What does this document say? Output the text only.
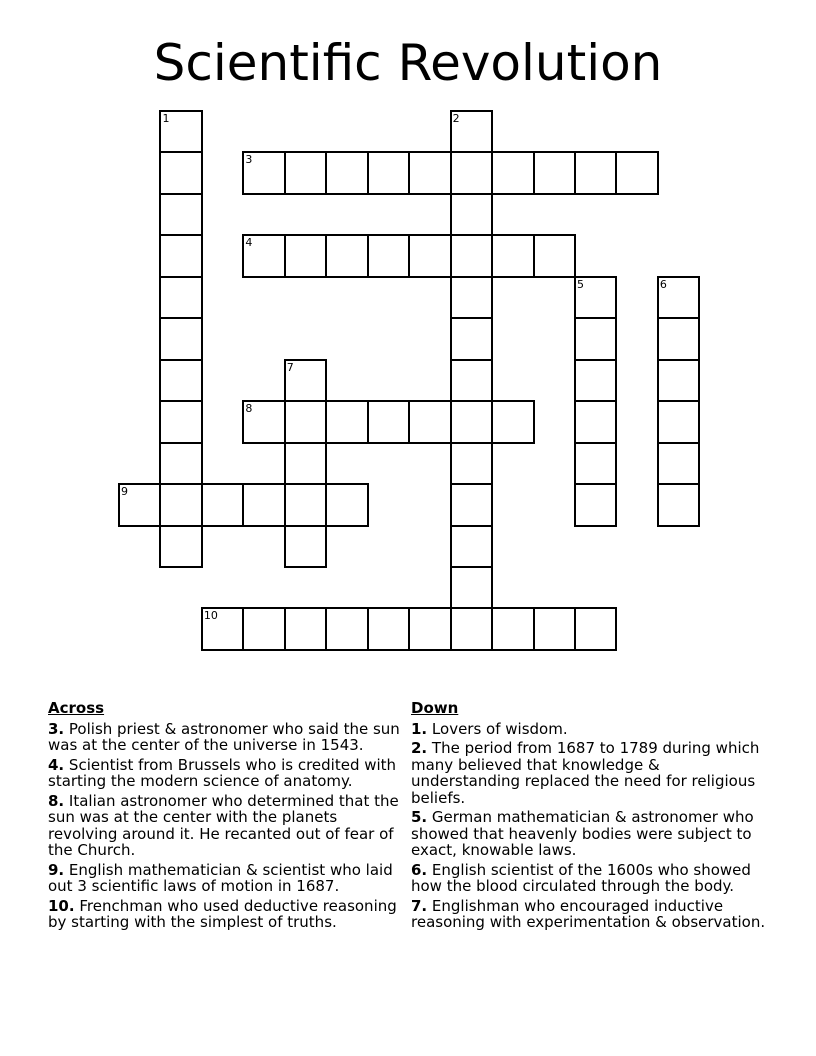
Scientific Revolution
1	2
3
4
5	6
7
8
9
10
Across
3. Polish priest & astronomer who said the sun was at the center of the universe in 1543.
4. Scientist from Brussels who is credited with starting the modern science of anatomy.
8. Italian astronomer who determined that the sun was at the center with the planets revolving around it. He recanted out of fear of the Church.
9. English mathematician & scientist who laid out 3 scientific laws of motion in 1687.
10. Frenchman who used deductive reasoning by starting with the simplest of truths.
Down
1. Lovers of wisdom.
2. The period from 1687 to 1789 during which many believed that knowledge & understanding replaced the need for religious beliefs.
5. German mathematician & astronomer who showed that heavenly bodies were subject to exact, knowable laws.
6. English scientist of the 1600s who showed how the blood circulated through the body.
7. Englishman who encouraged inductive reasoning with experimentation & observation.
